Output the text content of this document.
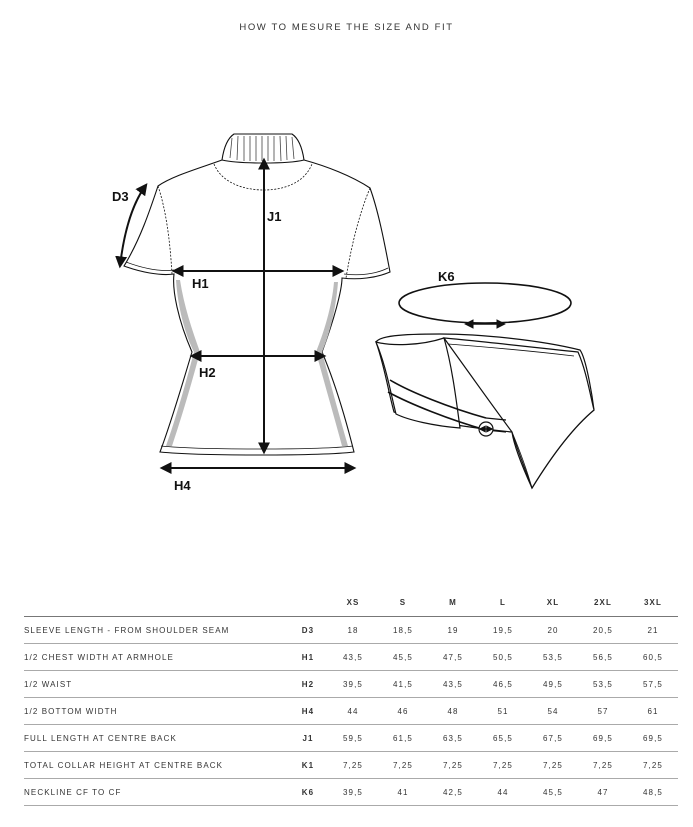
HOW TO MESURE THE SIZE AND FIT
D3
J1
H1
H2
H4
K6
		XS	S	M	L	XL	2XL	3XL
SLEEVE LENGTH - FROM SHOULDER SEAM	D3	18	18,5	19	19,5	20	20,5	21
1/2 CHEST WIDTH AT ARMHOLE	H1	43,5	45,5	47,5	50,5	53,5	56,5	60,5
1/2 WAIST	H2	39,5	41,5	43,5	46,5	49,5	53,5	57,5
1/2 BOTTOM WIDTH	H4	44	46	48	51	54	57	61
FULL LENGTH AT CENTRE BACK	J1	59,5	61,5	63,5	65,5	67,5	69,5	69,5
TOTAL COLLAR HEIGHT AT CENTRE BACK	K1	7,25	7,25	7,25	7,25	7,25	7,25	7,25
NECKLINE CF TO CF	K6	39,5	41	42,5	44	45,5	47	48,5
